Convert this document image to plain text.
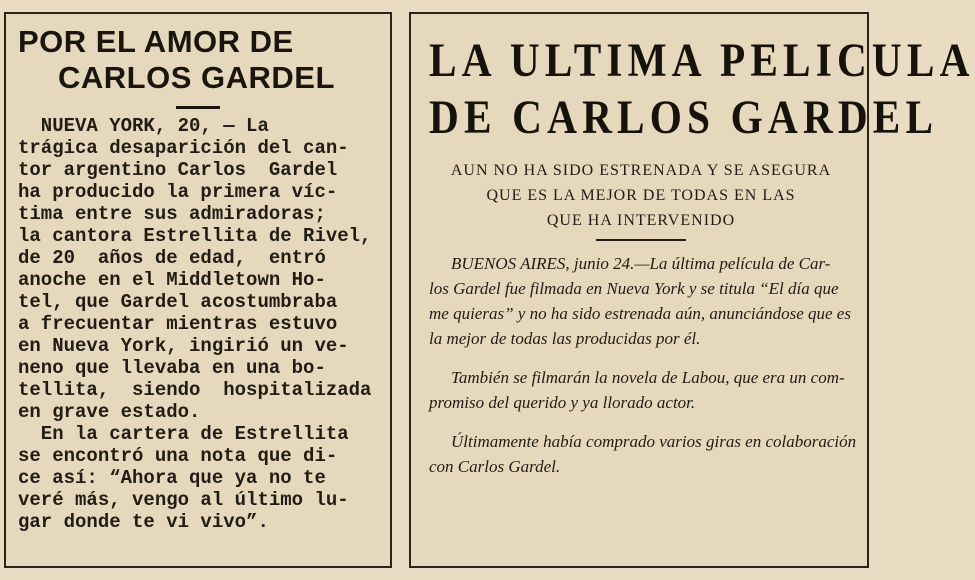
POR EL AMOR DE
CARLOS GARDEL
NUEVA YORK, 20, — La
trágica desaparición del can-
tor argentino Carlos  Gardel
ha producido la primera víc-
tima entre sus admiradoras;
la cantora Estrellita de Rivel,
de 20  años de edad,  entró
anoche en el Middletown Ho-
tel, que Gardel acostumbraba
a frecuentar mientras estuvo
en Nueva York, ingirió un ve-
neno que llevaba en una bo-
tellita,  siendo  hospitalizada
en grave estado.
En la cartera de Estrellita
se encontró una nota que di-
ce así: “Ahora que ya no te
veré más, vengo al último lu-
gar donde te vi vivo”.
LA ULTIMA PELICULA
DE CARLOS GARDEL
AUN NO HA SIDO ESTRENADA Y SE ASEGURA
QUE ES LA MEJOR DE TODAS EN LAS
QUE HA INTERVENIDO
BUENOS AIRES, junio 24.—La última película de Car-
los Gardel fue filmada en Nueva York y se titula “El día que
me quieras” y no ha sido estrenada aún, anunciándose que es
la mejor de todas las producidas por él.
También se filmarán la novela de Labou, que era un com-
promiso del querido y ya llorado actor.
Últimamente había comprado varios giras en colaboración
con Carlos Gardel.
